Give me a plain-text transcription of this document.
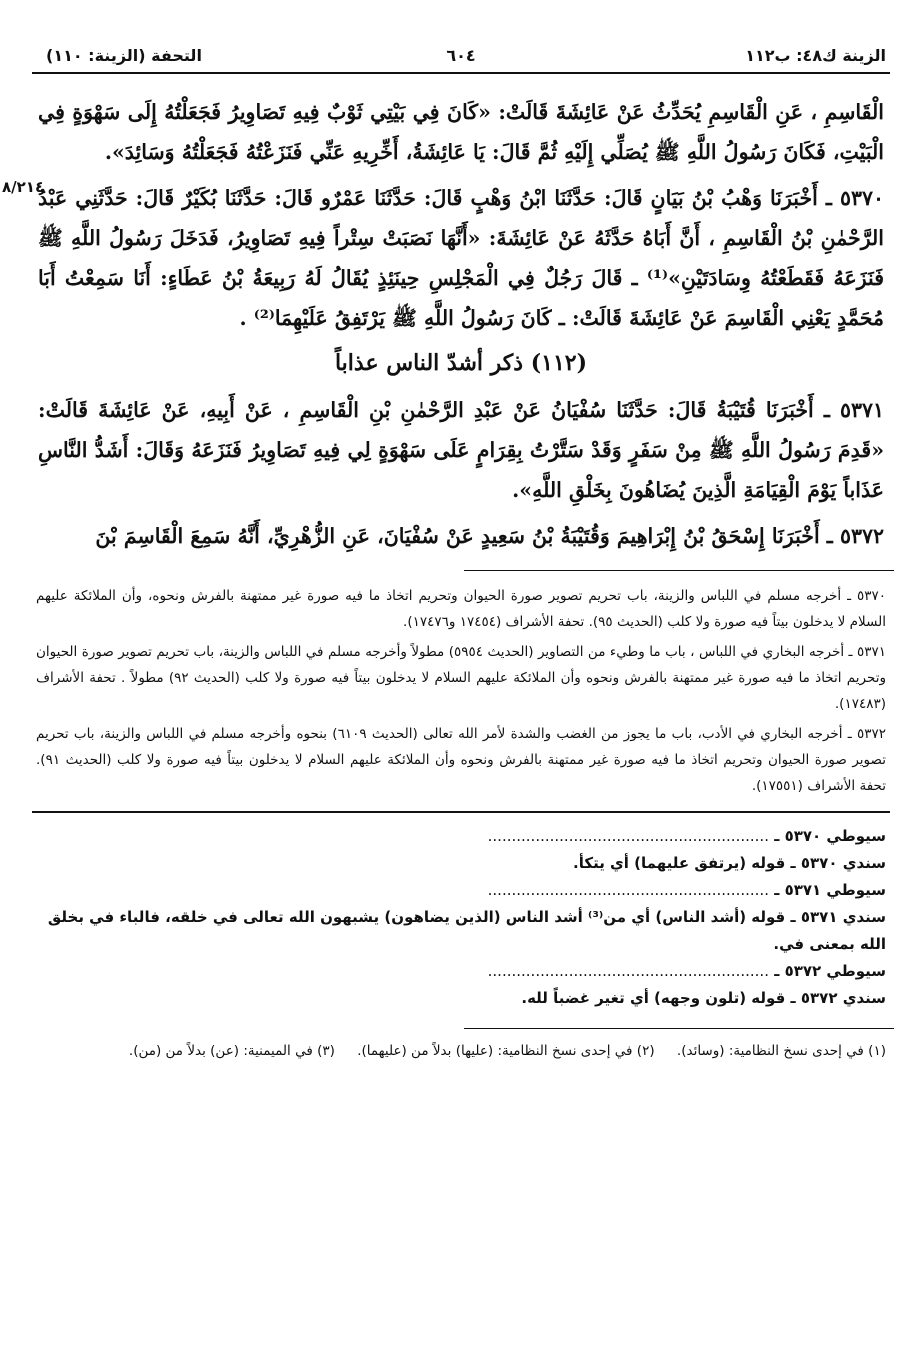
الزينة ك٤٨: ب١١٢
٦٠٤
التحفة (الزينة: ١١٠)

الْقَاسِمِ ، عَنِ الْقَاسِمِ يُحَدِّثُ عَنْ عَائِشَةَ قَالَتْ: «كَانَ فِي بَيْتِي ثَوْبٌ فِيهِ تَصَاوِيرُ فَجَعَلْتُهُ إِلَى سَهْوَةٍ فِي الْبَيْتِ، فَكَانَ رَسُولُ اللَّهِ ﷺ يُصَلِّي إِلَيْهِ ثُمَّ قَالَ: يَا عَائِشَةُ، أَخِّرِيهِ عَنِّي فَنَزَعْتُهُ فَجَعَلْتُهُ وَسَائِدَ».

٥٣٧٠ ـ أَخْبَرَنَا وَهْبُ بْنُ بَيَانٍ قَالَ: حَدَّثَنَا ابْنُ وَهْبٍ قَالَ: حَدَّثَنَا عَمْرٌو قَالَ: حَدَّثَنَا بُكَيْرٌ قَالَ: حَدَّثَنِي عَبْدُ الرَّحْمٰنِ بْنُ الْقَاسِمِ ، أَنَّ أَبَاهُ حَدَّثَهُ عَنْ عَائِشَةَ: «أَنَّهَا نَصَبَتْ سِتْراً فِيهِ تَصَاوِيرُ، فَدَخَلَ رَسُولُ اللَّهِ ﷺ فَنَزَعَهُ فَقَطَعْتُهُ وِسَادَتَيْنِ»⁽¹⁾ ـ قَالَ رَجُلٌ فِي الْمَجْلِسِ حِينَئِذٍ يُقَالُ لَهُ رَبِيعَةُ بْنُ عَطَاءٍ: أَنَا سَمِعْتُ أَبَا مُحَمَّدٍ يَعْنِي الْقَاسِمَ عَنْ عَائِشَةَ قَالَتْ: ـ كَانَ رَسُولُ اللَّهِ ﷺ يَرْتَفِقُ عَلَيْهِمَا⁽²⁾ .

(١١٢) ذكر أشدّ الناس عذاباً

٥٣٧١ ـ أَخْبَرَنَا قُتَيْبَةُ قَالَ: حَدَّثَنَا سُفْيَانُ عَنْ عَبْدِ الرَّحْمٰنِ بْنِ الْقَاسِمِ ، عَنْ أَبِيهِ، عَنْ عَائِشَةَ قَالَتْ: «قَدِمَ رَسُولُ اللَّهِ ﷺ مِنْ سَفَرٍ وَقَدْ سَتَّرْتُ بِقِرَامٍ عَلَى سَهْوَةٍ لِي فِيهِ تَصَاوِيرُ فَنَزَعَهُ وَقَالَ: أَشَدُّ النَّاسِ عَذَاباً يَوْمَ الْقِيَامَةِ الَّذِينَ يُضَاهُونَ بِخَلْقِ اللَّهِ».

٥٣٧٢ ـ أَخْبَرَنَا إِسْحَقُ بْنُ إِبْرَاهِيمَ وَقُتَيْبَةُ بْنُ سَعِيدٍ عَنْ سُفْيَانَ، عَنِ الزُّهْرِيِّ، أَنَّهُ سَمِعَ الْقَاسِمَ بْنَ

٥٣٧٠ ـ أخرجه مسلم في اللباس والزينة، باب تحريم تصوير صورة الحيوان وتحريم اتخاذ ما فيه صورة غير ممتهنة بالفرش ونحوه، وأن الملائكة عليهم السلام لا يدخلون بيتاً فيه صورة ولا كلب (الحديث ٩٥). تحفة الأشراف (١٧٤٥٤ و١٧٤٧٦).

٥٣٧١ ـ أخرجه البخاري في اللباس ، باب ما وطيء من التصاوير (الحديث ٥٩٥٤) مطولاً وأخرجه مسلم في اللباس والزينة، باب تحريم تصوير صورة الحيوان وتحريم اتخاذ ما فيه صورة غير ممتهنة بالفرش ونحوه وأن الملائكة عليهم السلام لا يدخلون بيتاً فيه صورة ولا كلب (الحديث ٩٢) مطولاً . تحفة الأشراف (١٧٤٨٣).

٥٣٧٢ ـ أخرجه البخاري في الأدب، باب ما يجوز من الغضب والشدة لأمر الله تعالى (الحديث ٦١٠٩) بنحوه وأخرجه مسلم في اللباس والزينة، باب تحريم تصوير صورة الحيوان وتحريم اتخاذ ما فيه صورة غير ممتهنة بالفرش ونحوه وأن الملائكة عليهم السلام لا يدخلون بيتاً فيه صورة ولا كلب (الحديث ٩١). تحفة الأشراف (١٧٥٥١).

سيوطي ٥٣٧٠ ـ ...........................................................

سندي ٥٣٧٠ ـ قوله (يرتفق عليهما) أي يتكأ.

سيوطي ٥٣٧١ ـ ...........................................................

سندي ٥٣٧١ ـ قوله (أشد الناس) أي من⁽³⁾ أشد الناس (الذين يضاهون) يشبهون الله تعالى في خلقه، فالباء في بخلق الله بمعنى في.

سيوطي ٥٣٧٢ ـ ...........................................................

سندي ٥٣٧٢ ـ قوله (تلون وجهه) أي تغير غضباً لله.

(١) في إحدى نسخ النظامية: (وسائد). (٢) في إحدى نسخ النظامية: (عليها) بدلاً من (عليهما). (٣) في الميمنية: (عن) بدلاً من (من).
٨/٢١٤
